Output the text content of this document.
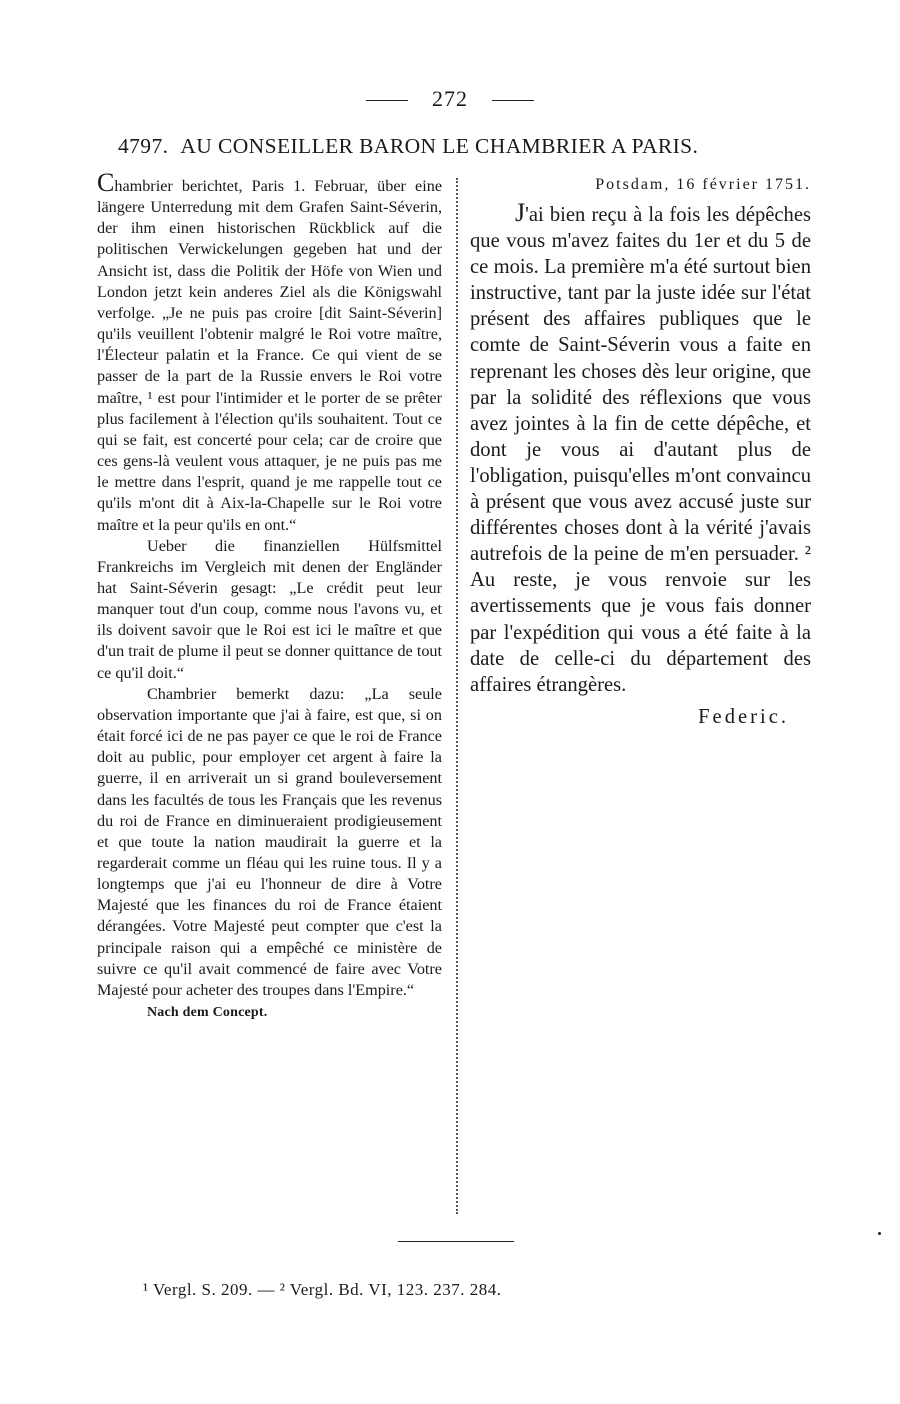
272
4797. AU CONSEILLER BARON LE CHAMBRIER A PARIS.

Chambrier berichtet, Paris 1. Februar, über eine längere Unterredung mit dem Grafen Saint-Séverin, der ihm einen historischen Rückblick auf die politischen Verwickelungen gegeben hat und der Ansicht ist, dass die Politik der Höfe von Wien und London jetzt kein anderes Ziel als die Königswahl verfolge. „Je ne puis pas croire [dit Saint-Séverin] qu'ils veuillent l'obtenir malgré le Roi votre maître, l'Électeur palatin et la France. Ce qui vient de se passer de la part de la Russie envers le Roi votre maître, ¹ est pour l'intimider et le porter de se prêter plus facilement à l'élection qu'ils souhaitent. Tout ce qui se fait, est concerté pour cela; car de croire que ces gens-là veulent vous attaquer, je ne puis pas me le mettre dans l'esprit, quand je me rappelle tout ce qu'ils m'ont dit à Aix-la-Chapelle sur le Roi votre maître et la peur qu'ils en ont.“

Ueber die finanziellen Hülfsmittel Frankreichs im Vergleich mit denen der Engländer hat Saint-Séverin gesagt: „Le crédit peut leur manquer tout d'un coup, comme nous l'avons vu, et ils doivent savoir que le Roi est ici le maître et que d'un trait de plume il peut se donner quittance de tout ce qu'il doit.“

Chambrier bemerkt dazu: „La seule observation importante que j'ai à faire, est que, si on était forcé ici de ne pas payer ce que le roi de France doit au public, pour employer cet argent à faire la guerre, il en arriverait un si grand bouleversement dans les facultés de tous les Français que les revenus du roi de France en diminueraient prodigieusement et que toute la nation maudirait la guerre et la regarderait comme un fléau qui les ruine tous. Il y a longtemps que j'ai eu l'honneur de dire à Votre Majesté que les finances du roi de France étaient dérangées. Votre Majesté peut compter que c'est la principale raison qui a empêché ce ministère de suivre ce qu'il avait commencé de faire avec Votre Majesté pour acheter des troupes dans l'Empire.“

Nach dem Concept.

Potsdam, 16 février 1751.

J'ai bien reçu à la fois les dépêches que vous m'avez faites du 1er et du 5 de ce mois. La première m'a été surtout bien instructive, tant par la juste idée sur l'état présent des affaires publiques que le comte de Saint-Séverin vous a faite en reprenant les choses dès leur origine, que par la solidité des réflexions que vous avez jointes à la fin de cette dépêche, et dont je vous ai d'autant plus de l'obligation, puisqu'elles m'ont convaincu à présent que vous avez accusé juste sur différentes choses dont à la vérité j'avais autrefois de la peine de m'en persuader. ² Au reste, je vous renvoie sur les avertissements que je vous fais donner par l'expédition qui vous a été faite à la date de celle-ci du département des affaires étrangères.

Federic.

¹ Vergl. S. 209. — ² Vergl. Bd. VI, 123. 237. 284.
